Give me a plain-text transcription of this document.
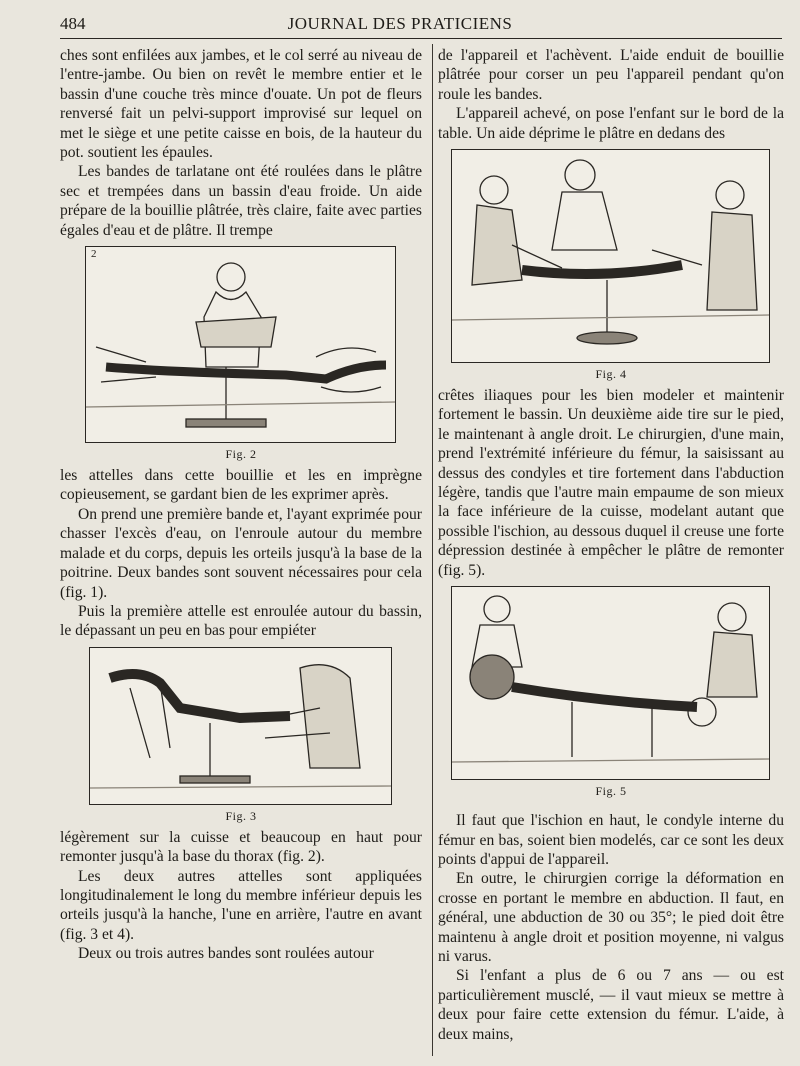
484	JOURNAL DES PRATICIENS

ches sont enfilées aux jambes, et le col serré au niveau de l'entre-jambe. Ou bien on revêt le membre entier et le bassin d'une couche très mince d'ouate. Un pot de fleurs renversé fait un pelvi-support improvisé sur lequel on met le siège et une petite caisse en bois, de la hauteur du pot. soutient les épaules.

Les bandes de tarlatane ont été roulées dans le plâtre sec et trempées dans un bassin d'eau froide. Un aide prépare de la bouillie plâtrée, très claire, faite avec parties égales d'eau et de plâtre. Il trempe

2
Fig. 2

les attelles dans cette bouillie et les en imprègne copieusement, se gardant bien de les exprimer après.

On prend une première bande et, l'ayant exprimée pour chasser l'excès d'eau, on l'enroule autour du membre malade et du corps, depuis les orteils jusqu'à la base de la poitrine. Deux bandes sont souvent nécessaires pour cela (fig. 1).

Puis la première attelle est enroulée autour du bassin, le dépassant un peu en bas pour empiéter

Fig. 3

légèrement sur la cuisse et beaucoup en haut pour remonter jusqu'à la base du thorax (fig. 2).

Les deux autres attelles sont appliquées longitudinalement le long du membre inférieur depuis les orteils jusqu'à la hanche, l'une en arrière, l'autre en avant (fig. 3 et 4).

Deux ou trois autres bandes sont roulées autour

de l'appareil et l'achèvent. L'aide enduit de bouillie plâtrée pour corser un peu l'appareil pendant qu'on roule les bandes.

L'appareil achevé, on pose l'enfant sur le bord de la table. Un aide déprime le plâtre en dedans des

Fig. 4

crêtes iliaques pour les bien modeler et maintenir fortement le bassin. Un deuxième aide tire sur le pied, le maintenant à angle droit. Le chirurgien, d'une main, prend l'extrémité inférieure du fémur, la saisissant au dessus des condyles et tire fortement dans l'abduction légère, tandis que l'autre main empaume de son mieux la face inférieure de la cuisse, modelant autant que possible l'ischion, au dessous duquel il creuse une forte dépression destinée à empêcher le plâtre de remonter (fig. 5).

Fig. 5

Il faut que l'ischion en haut, le condyle interne du fémur en bas, soient bien modelés, car ce sont les deux points d'appui de l'appareil.

En outre, le chirurgien corrige la déformation en crosse en portant le membre en abduction. Il faut, en général, une abduction de 30 ou 35°; le pied doit être maintenu à angle droit et position moyenne, ni valgus ni varus.

Si l'enfant a plus de 6 ou 7 ans — ou est particulièrement musclé, — il vaut mieux se mettre à deux pour faire cette extension du fémur. L'aide, à deux mains,
